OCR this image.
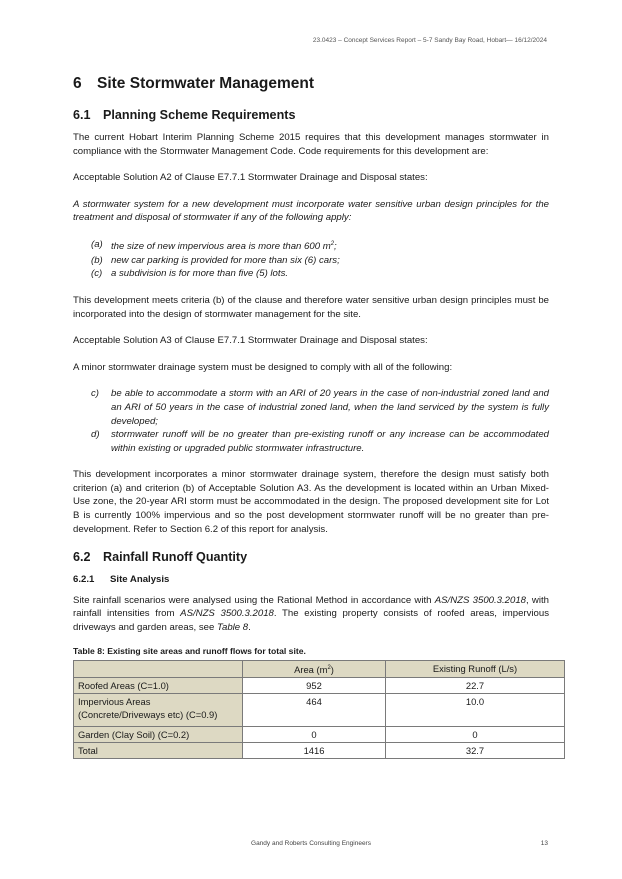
23.0423 – Concept Services Report – 5-7 Sandy Bay Road, Hobart— 16/12/2024
6 Site Stormwater Management
6.1 Planning Scheme Requirements

The current Hobart Interim Planning Scheme 2015 requires that this development manages stormwater in compliance with the Stormwater Management Code. Code requirements for this development are:

Acceptable Solution A2 of Clause E7.7.1 Stormwater Drainage and Disposal states:

A stormwater system for a new development must incorporate water sensitive urban design principles for the treatment and disposal of stormwater if any of the following apply:

(a) the size of new impervious area is more than 600 $m^2$;
(b) new car parking is provided for more than six (6) cars;
(c) a subdivision is for more than five (5) lots.

This development meets criteria (b) of the clause and therefore water sensitive urban design principles must be incorporated into the design of stormwater management for the site.

Acceptable Solution A3 of Clause E7.7.1 Stormwater Drainage and Disposal states:

A minor stormwater drainage system must be designed to comply with all of the following:

c) be able to accommodate a storm with an ARI of 20 years in the case of non-industrial zoned land and an ARI of 50 years in the case of industrial zoned land, when the land serviced by the system is fully developed;
d) stormwater runoff will be no greater than pre-existing runoff or any increase can be accommodated within existing or upgraded public stormwater infrastructure.

This development incorporates a minor stormwater drainage system, therefore the design must satisfy both criterion (a) and criterion (b) of Acceptable Solution A3. As the development is located within an Urban Mixed-Use zone, the 20-year ARI storm must be accommodated in the design. The proposed development site for Lot B is currently 100% impervious and so the post development stormwater runoff will be no greater than pre-development. Refer to Section 6.2 of this report for analysis.

6.2 Rainfall Runoff Quantity
6.2.1 Site Analysis

Site rainfall scenarios were analysed using the Rational Method in accordance with AS/NZS 3500.3.2018, with rainfall intensities from AS/NZS 3500.3.2018. The existing property consists of roofed areas, impervious driveways and garden areas, see Table 8.

Table 8: Existing site areas and runoff flows for total site.
	Area $(m^2)$	Existing Runoff (L/s)
Roofed Areas (C=1.0)	952	22.7
Impervious Areas (Concrete/Driveways etc) (C=0.9)	464	10.0
Garden (Clay Soil) (C=0.2)	0	0
Total	1416	32.7
Gandy and Roberts Consulting Engineers	13
